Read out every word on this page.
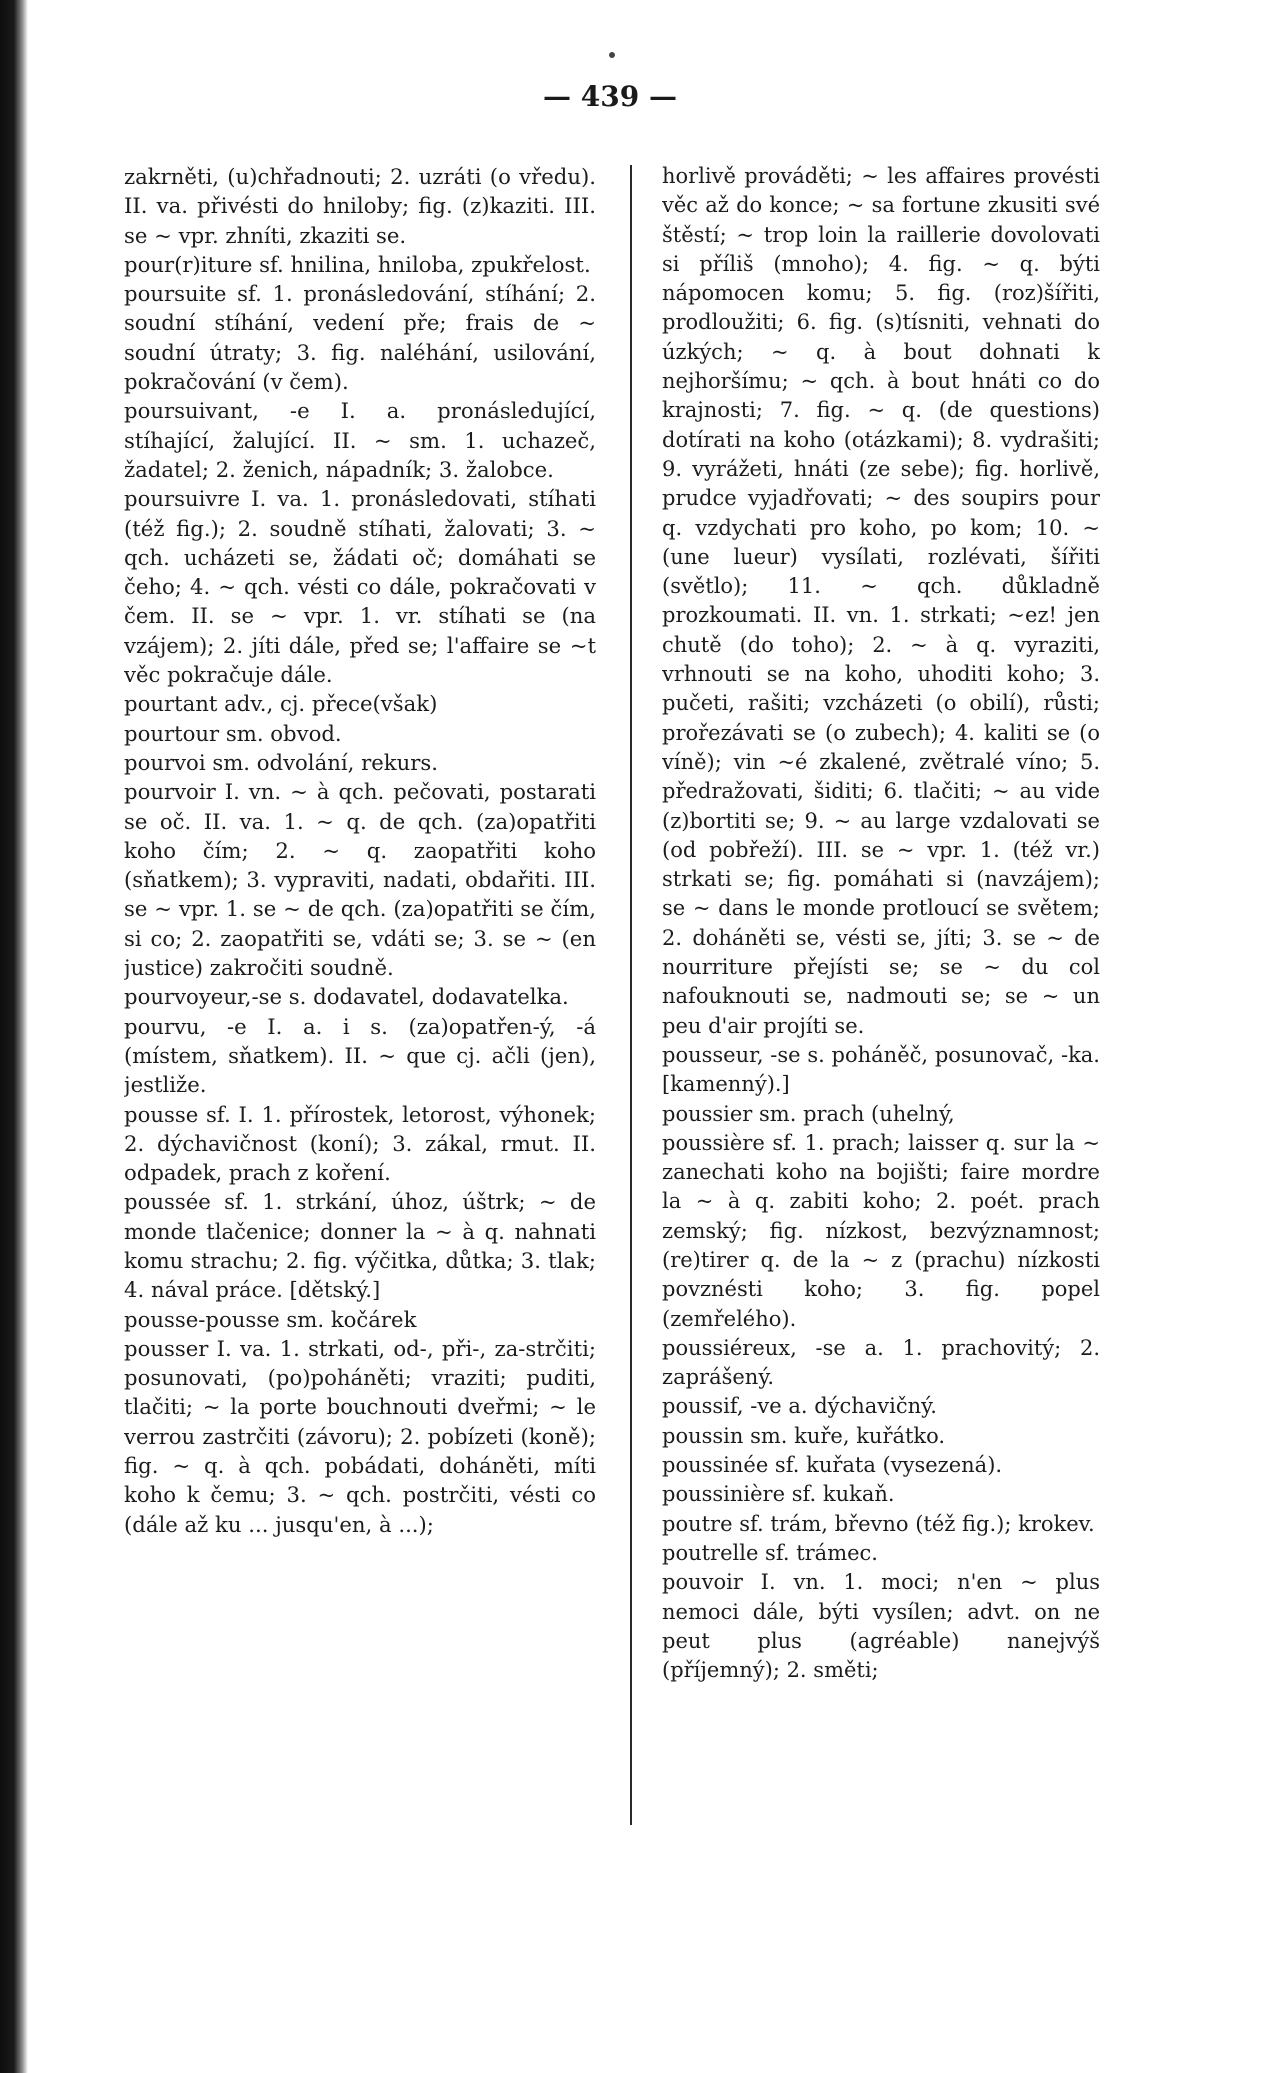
— 439 —

zakrněti, (u)chřadnouti; 2. uzráti (o vředu). II. va. přivésti do hniloby; fig. (z)kaziti. III. se ~ vpr. zhníti, zkaziti se.

pour(r)iture sf. hnilina, hniloba, zpukřelost.

poursuite sf. 1. pronásledování, stíhání; 2. soudní stíhání, vedení pře; frais de ~ soudní útraty; 3. fig. naléhání, usilování, pokračování (v čem).

poursuivant, -e I. a. pronásledující, stíhající, žalující. II. ~ sm. 1. uchazeč, žadatel; 2. ženich, nápadník; 3. žalobce.

poursuivre I. va. 1. pronásledovati, stíhati (též fig.); 2. soudně stíhati, žalovati; 3. ~ qch. ucházeti se, žádati oč; domáhati se čeho; 4. ~ qch. vésti co dále, pokračovati v čem. II. se ~ vpr. 1. vr. stíhati se (na vzájem); 2. jíti dále, před se; l'affaire se ~t věc pokračuje dále.

pourtant adv., cj. přece(však)

pourtour sm. obvod.

pourvoi sm. odvolání, rekurs.

pourvoir I. vn. ~ à qch. pečovati, postarati se oč. II. va. 1. ~ q. de qch. (za)opatřiti koho čím; 2. ~ q. zaopatřiti koho (sňatkem); 3. vypraviti, nadati, obdařiti. III. se ~ vpr. 1. se ~ de qch. (za)opatřiti se čím, si co; 2. zaopatřiti se, vdáti se; 3. se ~ (en justice) zakročiti soudně.

pourvoyeur,-se s. dodavatel, dodavatelka.

pourvu, -e I. a. i s. (za)opatřen-ý, -á (místem, sňatkem). II. ~ que cj. ačli (jen), jestliže.

pousse sf. I. 1. přírostek, letorost, výhonek; 2. dýchavičnost (koní); 3. zákal, rmut. II. odpadek, prach z koření.

poussée sf. 1. strkání, úhoz, úštrk; ~ de monde tlačenice; donner la ~ à q. nahnati komu strachu; 2. fig. výčitka, důtka; 3. tlak; 4. nával práce. [dětský.]

pousse-pousse sm. kočárek

pousser I. va. 1. strkati, od-, při-, za-strčiti; posunovati, (po)poháněti; vraziti; puditi, tlačiti; ~ la porte bouchnouti dveřmi; ~ le verrou zastrčiti (závoru); 2. pobízeti (koně); fig. ~ q. à qch. pobádati, doháněti, míti koho k čemu; 3. ~ qch. postrčiti, vésti co (dále až ku ... jusqu'en, à ...);

horlivě prováděti; ~ les affaires provésti věc až do konce; ~ sa fortune zkusiti své štěstí; ~ trop loin la raillerie dovolovati si příliš (mnoho); 4. fig. ~ q. býti nápomocen komu; 5. fig. (roz)šířiti, prodloužiti; 6. fig. (s)tísniti, vehnati do úzkých; ~ q. à bout dohnati k nejhoršímu; ~ qch. à bout hnáti co do krajnosti; 7. fig. ~ q. (de questions) dotírati na koho (otázkami); 8. vydrašiti; 9. vyrážeti, hnáti (ze sebe); fig. horlivě, prudce vyjadřovati; ~ des soupirs pour q. vzdychati pro koho, po kom; 10. ~ (une lueur) vysílati, rozlévati, šířiti (světlo); 11. ~ qch. důkladně prozkoumati. II. vn. 1. strkati; ~ez! jen chutě (do toho); 2. ~ à q. vyraziti, vrhnouti se na koho, uhoditi koho; 3. pučeti, rašiti; vzcházeti (o obilí), růsti; prořezávati se (o zubech); 4. kaliti se (o víně); vin ~é zkalené, zvětralé víno; 5. předražovati, šiditi; 6. tlačiti; ~ au vide (z)bortiti se; 9. ~ au large vzdalovati se (od pobřeží). III. se ~ vpr. 1. (též vr.) strkati se; fig. pomáhati si (navzájem); se ~ dans le monde protloucí se světem; 2. doháněti se, vésti se, jíti; 3. se ~ de nourriture přejísti se; se ~ du col nafouknouti se, nadmouti se; se ~ un peu d'air projíti se.

pousseur, -se s. poháněč, posunovač, -ka. [kamenný).]

poussier sm. prach (uhelný,

poussière sf. 1. prach; laisser q. sur la ~ zanechati koho na bojišti; faire mordre la ~ à q. zabiti koho; 2. poét. prach zemský; fig. nízkost, bezvýznamnost; (re)tirer q. de la ~ z (prachu) nízkosti povznésti koho; 3. fig. popel (zemřelého).

poussiéreux, -se a. 1. prachovitý; 2. zaprášený.

poussif, -ve a. dýchavičný.

poussin sm. kuře, kuřátko.

poussinée sf. kuřata (vysezená).

poussinière sf. kukaň.

poutre sf. trám, břevno (též fig.); krokev.

poutrelle sf. trámec.

pouvoir I. vn. 1. moci; n'en ~ plus nemoci dále, býti vysílen; advt. on ne peut plus (agréable) nanejvýš (příjemný); 2. směti;
